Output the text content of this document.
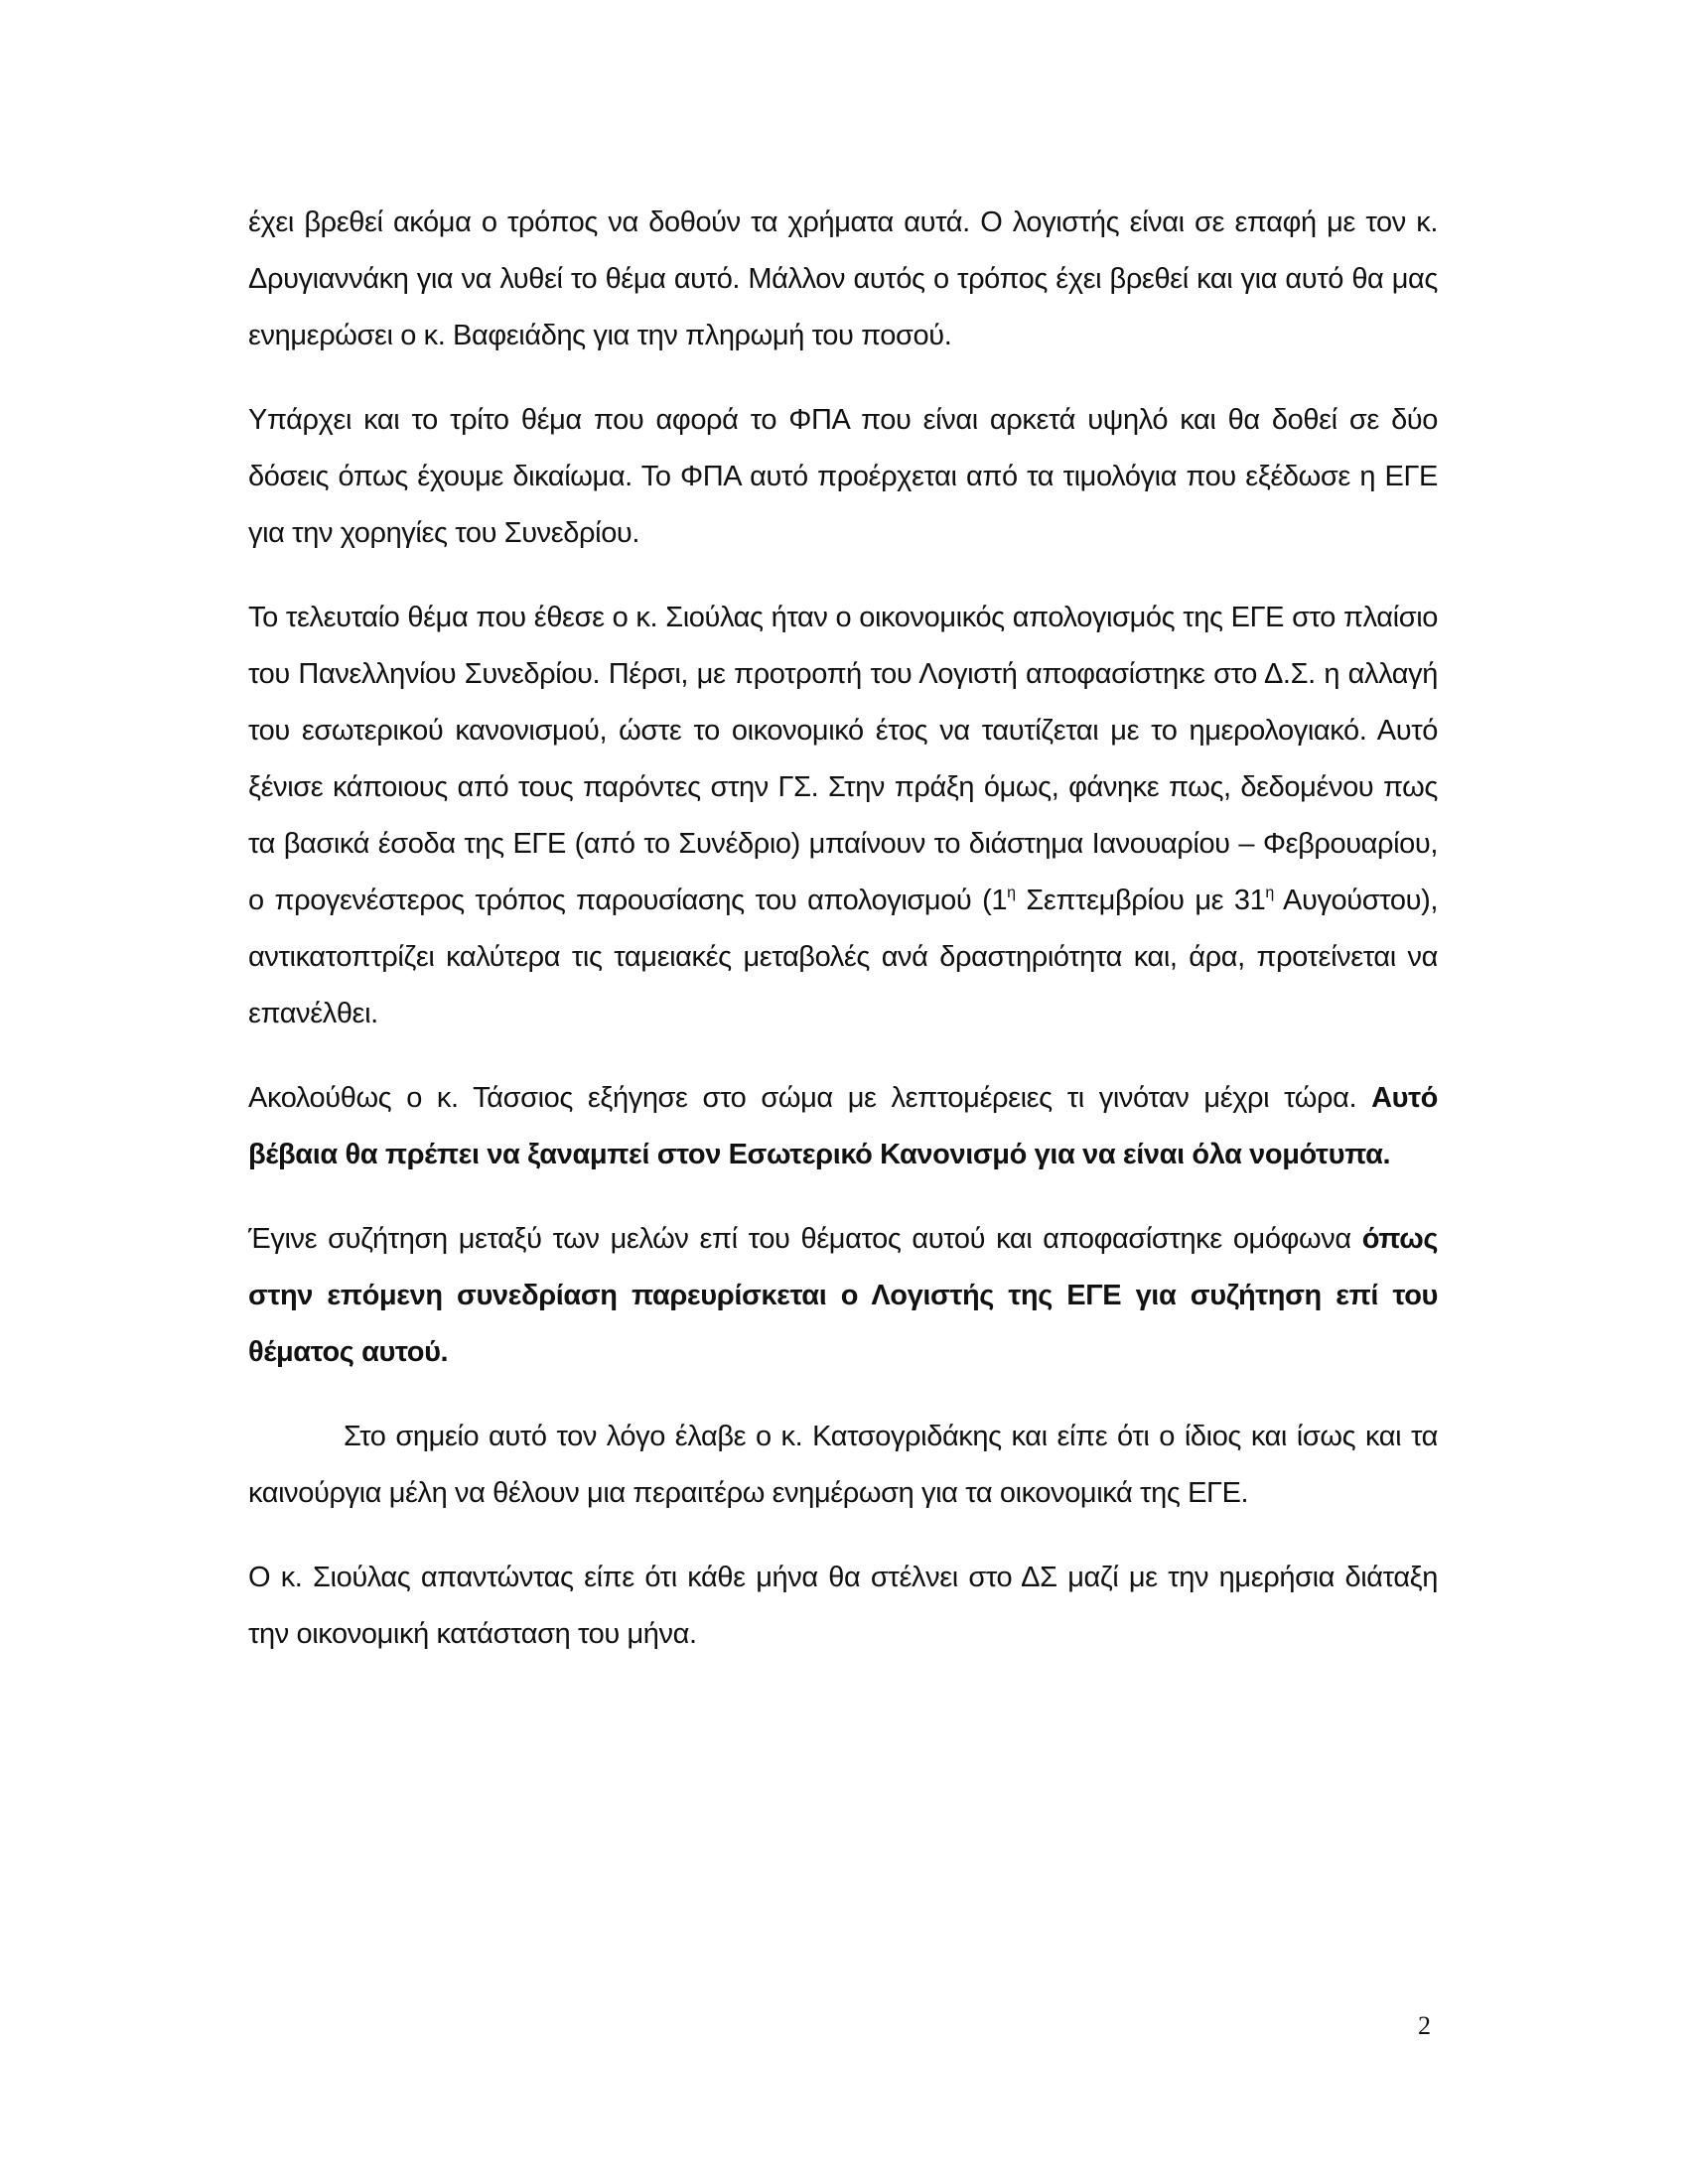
έχει βρεθεί ακόμα ο τρόπος να δοθούν τα χρήματα αυτά. Ο λογιστής είναι σε επαφή με τον κ. Δρυγιαννάκη για να λυθεί το θέμα αυτό. Μάλλον αυτός ο τρόπος έχει βρεθεί και για αυτό θα μας ενημερώσει ο κ. Βαφειάδης για την πληρωμή του ποσού.

Υπάρχει και το τρίτο θέμα που αφορά το ΦΠΑ που είναι αρκετά υψηλό και θα δοθεί σε δύο δόσεις όπως έχουμε δικαίωμα. Το ΦΠΑ αυτό προέρχεται από τα τιμολόγια που εξέδωσε η ΕΓΕ για την χορηγίες του Συνεδρίου.

Το τελευταίο θέμα που έθεσε ο κ. Σιούλας ήταν ο οικονομικός απολογισμός της ΕΓΕ στο πλαίσιο του Πανελληνίου Συνεδρίου. Πέρσι, με προτροπή του Λογιστή αποφασίστηκε στο Δ.Σ. η αλλαγή του εσωτερικού κανονισμού, ώστε το οικονομικό έτος να ταυτίζεται με το ημερολογιακό. Αυτό ξένισε κάποιους από τους παρόντες στην ΓΣ. Στην πράξη όμως, φάνηκε πως, δεδομένου πως τα βασικά έσοδα της ΕΓΕ (από το Συνέδριο) μπαίνουν το διάστημα Ιανουαρίου – Φεβρουαρίου, ο προγενέστερος τρόπος παρουσίασης του απολογισμού ($1^\eta$ Σεπτεμβρίου με $31^\eta$ Αυγούστου), αντικατοπτρίζει καλύτερα τις ταμειακές μεταβολές ανά δραστηριότητα και, άρα, προτείνεται να επανέλθει.

Ακολούθως ο κ. Τάσσιος εξήγησε στο σώμα με λεπτομέρειες τι γινόταν μέχρι τώρα. Αυτό βέβαια θα πρέπει να ξαναμπεί στον Εσωτερικό Κανονισμό για να είναι όλα νομότυπα.

Έγινε συζήτηση μεταξύ των μελών επί του θέματος αυτού και αποφασίστηκε ομόφωνα όπως στην επόμενη συνεδρίαση παρευρίσκεται ο Λογιστής της ΕΓΕ για συζήτηση επί του θέματος αυτού.

Στο σημείο αυτό τον λόγο έλαβε ο κ. Κατσογριδάκης και είπε ότι ο ίδιος και ίσως και τα καινούργια μέλη να θέλουν μια περαιτέρω ενημέρωση για τα οικονομικά της ΕΓΕ.

Ο κ. Σιούλας απαντώντας είπε ότι κάθε μήνα θα στέλνει στο ΔΣ μαζί με την ημερήσια διάταξη την οικονομική κατάσταση του μήνα.

2
